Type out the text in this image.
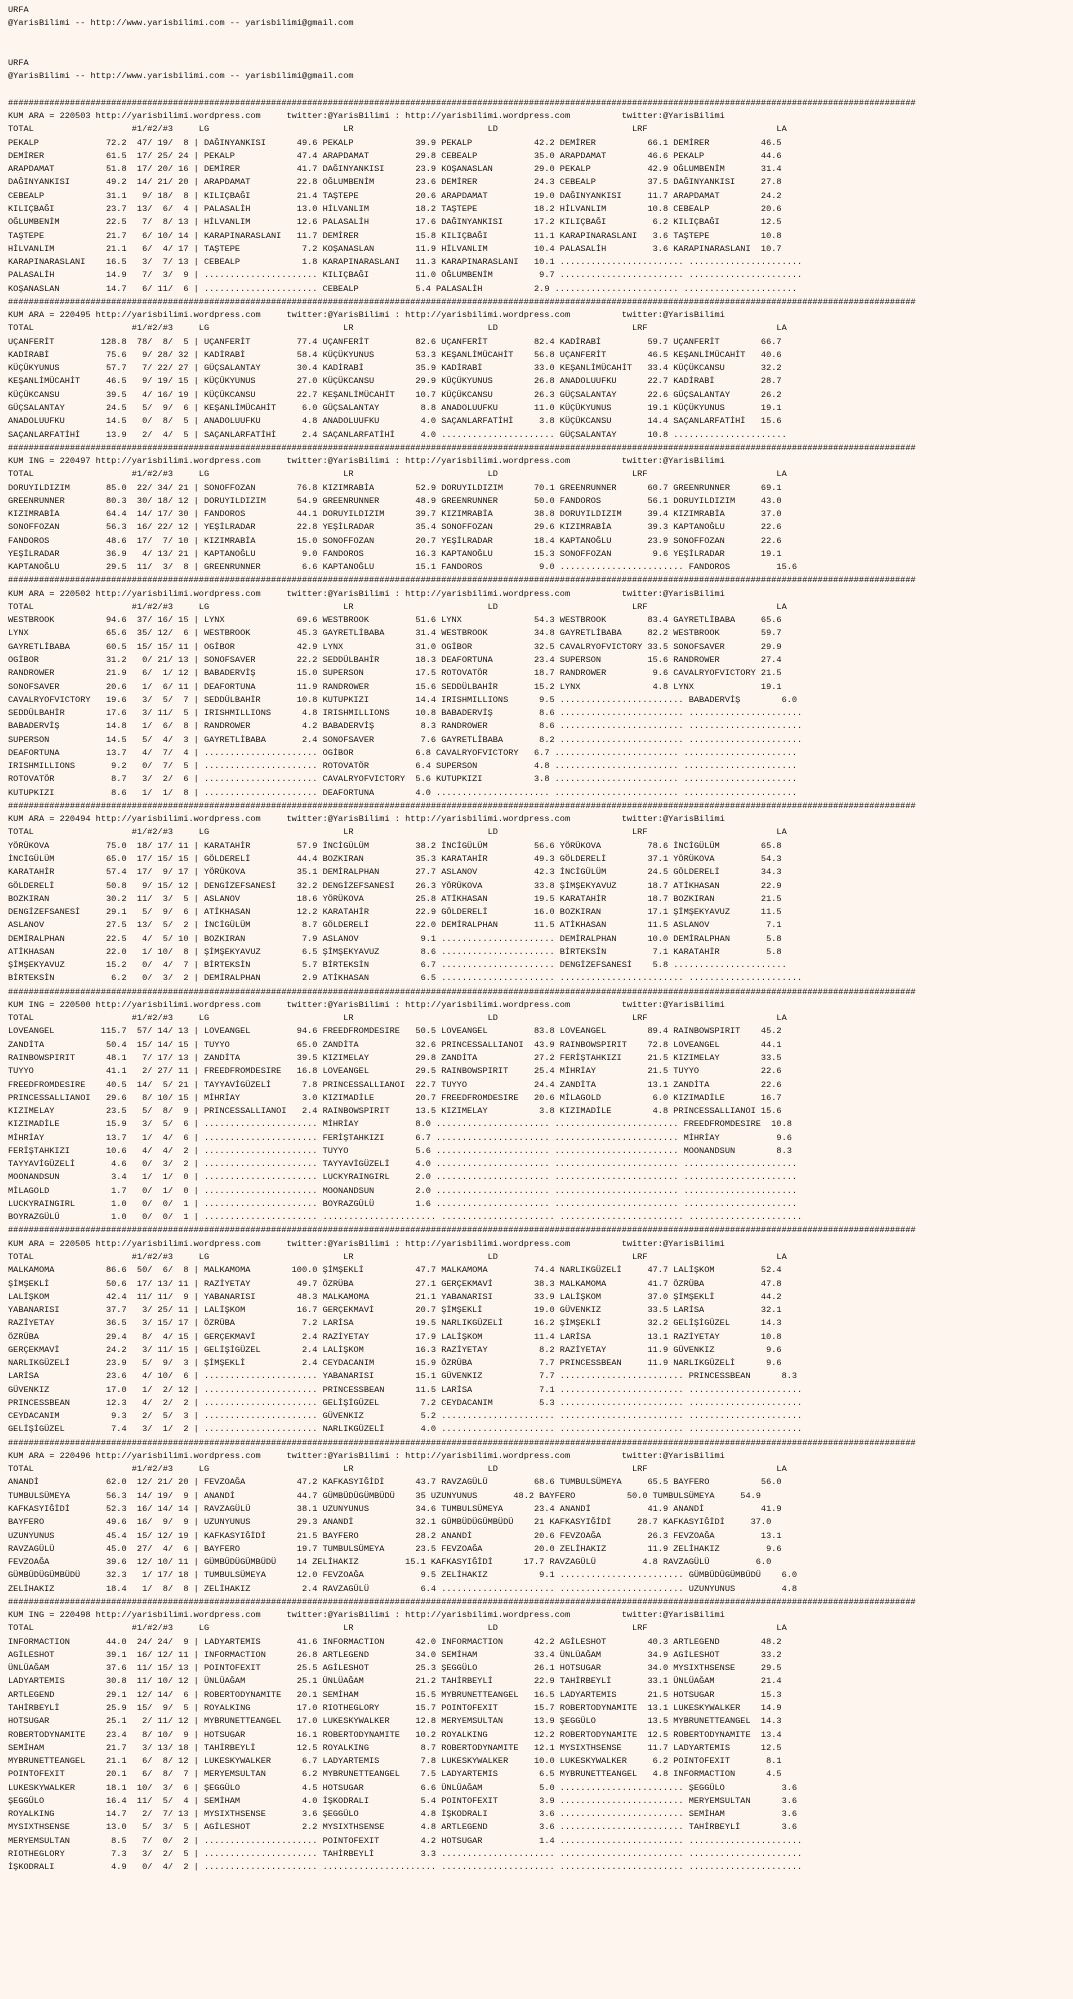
URFA
@YarisBilimi -- http://www.yarisbilimi.com -- yarisbilimi@gmail.com
URFA
@YarisBilimi -- http://www.yarisbilimi.com -- yarisbilimi@gmail.com
################################################################################################################################################################################
KUM ARA = 220503 http://yarisbilimi.wordpress.com     twitter:@YarisBilimi : http://yarisbilimi.wordpress.com          twitter:@YarisBilimi
TOTAL                   #1/#2/#3     LG                          LR                          LD                          LRF                         LA
PEKALP             72.2  47/ 19/  8 | DAĞINYANKISI      49.6 PEKALP            39.9 PEKALP            42.2 DEMİRER          66.1 DEMİRER          46.5
DEMİRER            61.5  17/ 25/ 24 | PEKALP            47.4 ARAPDAMAT         29.8 CEBEALP           35.0 ARAPDAMAT        46.6 PEKALP           44.6
ARAPDAMAT          51.8  17/ 20/ 16 | DEMİRER           41.7 DAĞINYANKISI      23.9 KOŞANASLAN        29.0 PEKALP           42.9 OĞLUMBENİM       31.4
DAĞINYANKISI       49.2  14/ 21/ 20 | ARAPDAMAT         22.8 OĞLUMBENİM        23.6 DEMİRER           24.3 CEBEALP          37.5 DAĞINYANKISI     27.8
CEBEALP            31.1   9/ 18/  8 | KILIÇBAĞI         21.4 TAŞTEPE           20.6 ARAPDAMAT         19.0 DAĞINYANKISI     11.7 ARAPDAMAT        24.2
KILIÇBAĞI          23.7  13/  6/  4 | PALASALİH         13.0 HİLVANLIM         18.2 TAŞTEPE           18.2 HİLVANLIM        10.8 CEBEALP          20.6
OĞLUMBENİM         22.5   7/  8/ 13 | HİLVANLIM         12.6 PALASALİH         17.6 DAĞINYANKISI      17.2 KILIÇBAĞI         6.2 KILIÇBAĞI        12.5
TAŞTEPE            21.7   6/ 10/ 14 | KARAPINARASLANI   11.7 DEMİRER           15.8 KILIÇBAĞI         11.1 KARAPINARASLANI   3.6 TAŞTEPE          10.8
HİLVANLIM          21.1   6/  4/ 17 | TAŞTEPE            7.2 KOŞANASLAN        11.9 HİLVANLIM         10.4 PALASALİH         3.6 KARAPINARASLANI  10.7
KARAPINARASLANI    16.5   3/  7/ 13 | CEBEALP            1.8 KARAPINARASLANI   11.3 KARAPINARASLANI   10.1 ........................ ......................
PALASALİH          14.9   7/  3/  9 | ...................... KILIÇBAĞI         11.0 OĞLUMBENİM         9.7 ........................ ......................
KOŞANASLAN         14.7   6/ 11/  6 | ...................... CEBEALP           5.4 PALASALİH          2.9 ........................ ......................
################################################################################################################################################################################
KUM ARA = 220495 http://yarisbilimi.wordpress.com     twitter:@YarisBilimi : http://yarisbilimi.wordpress.com          twitter:@YarisBilimi
TOTAL                   #1/#2/#3     LG                          LR                          LD                          LRF                         LA
UÇANFERİT         128.8  78/  8/  5 | UÇANFERİT         77.4 UÇANFERİT         82.6 UÇANFERİT         82.4 KADİRABİ         59.7 UÇANFERİT        66.7
KADİRABİ           75.6   9/ 28/ 32 | KADİRABİ          58.4 KÜÇÜKYUNUS        53.3 KEŞANLİMÜCAHİT    56.8 UÇANFERİT        46.5 KEŞANLİMÜCAHİT   40.6
KÜÇÜKYUNUS         57.7   7/ 22/ 27 | GÜÇSALANTAY       30.4 KADİRABİ          35.9 KADİRABİ          33.0 KEŞANLİMÜCAHİT   33.4 KÜÇÜKCANSU       32.2
KEŞANLİMÜCAHİT     46.5   9/ 19/ 15 | KÜÇÜKYUNUS        27.0 KÜÇÜKCANSU        29.9 KÜÇÜKYUNUS        26.8 ANADOLUUFKU      22.7 KADİRABİ         28.7
KÜÇÜKCANSU         39.5   4/ 16/ 19 | KÜÇÜKCANSU        22.7 KEŞANLİMÜCAHİT    10.7 KÜÇÜKCANSU        26.3 GÜÇSALANTAY      22.6 GÜÇSALANTAY      26.2
GÜÇSALANTAY        24.5   5/  9/  6 | KEŞANLİMÜCAHİT     6.0 GÜÇSALANTAY        8.8 ANADOLUUFKU       11.0 KÜÇÜKYUNUS       19.1 KÜÇÜKYUNUS       19.1
ANADOLUUFKU        14.5   0/  8/  5 | ANADOLUUFKU        4.8 ANADOLUUFKU        4.0 SAÇANLARFATİHİ     3.8 KÜÇÜKCANSU       14.4 SAÇANLARFATİHİ   15.6
SAÇANLARFATİHİ     13.9   2/  4/  5 | SAÇANLARFATİHİ     2.4 SAÇANLARFATİHİ     4.0 ...................... GÜÇSALANTAY      10.8 ......................
################################################################################################################################################################################
KUM ING = 220497 http://yarisbilimi.wordpress.com     twitter:@YarisBilimi : http://yarisbilimi.wordpress.com          twitter:@YarisBilimi
TOTAL                   #1/#2/#3     LG                          LR                          LD                          LRF                         LA
DORUYILDIZIM       85.0  22/ 34/ 21 | SONOFFOZAN        76.8 KIZIMRABİA        52.9 DORUYILDIZIM      70.1 GREENRUNNER      60.7 GREENRUNNER      69.1
GREENRUNNER        80.3  30/ 18/ 12 | DORUYILDIZIM      54.9 GREENRUNNER       48.9 GREENRUNNER       50.0 FANDOROS         56.1 DORUYILDIZIM     43.0
KIZIMRABİA         64.4  14/ 17/ 30 | FANDOROS          44.1 DORUYILDIZIM      39.7 KIZIMRABİA        38.8 DORUYILDIZIM     39.4 KIZIMRABİA       37.0
SONOFFOZAN         56.3  16/ 22/ 12 | YEŞİLRADAR        22.8 YEŞİLRADAR        35.4 SONOFFOZAN        29.6 KIZIMRABİA       39.3 KAPTANOĞLU       22.6
FANDOROS           48.6  17/  7/ 10 | KIZIMRABİA        15.0 SONOFFOZAN        20.7 YEŞİLRADAR        18.4 KAPTANOĞLU       23.9 SONOFFOZAN       22.6
YEŞİLRADAR         36.9   4/ 13/ 21 | KAPTANOĞLU         9.0 FANDOROS          16.3 KAPTANOĞLU        15.3 SONOFFOZAN        9.6 YEŞİLRADAR       19.1
KAPTANOĞLU         29.5  11/  3/  8 | GREENRUNNER        6.6 KAPTANOĞLU        15.1 FANDOROS           9.0 ........................ FANDOROS         15.6
################################################################################################################################################################################
KUM ARA = 220502 http://yarisbilimi.wordpress.com     twitter:@YarisBilimi : http://yarisbilimi.wordpress.com          twitter:@YarisBilimi
TOTAL                   #1/#2/#3     LG                          LR                          LD                          LRF                         LA
WESTBROOK          94.6  37/ 16/ 15 | LYNX              69.6 WESTBROOK         51.6 LYNX              54.3 WESTBROOK        83.4 GAYRETLİBABA     65.6
LYNX               65.6  35/ 12/  6 | WESTBROOK         45.3 GAYRETLİBABA      31.4 WESTBROOK         34.8 GAYRETLİBABA     82.2 WESTBROOK        59.7
GAYRETLİBABA       60.5  15/ 15/ 11 | OGİBOR            42.9 LYNX              31.0 OGİBOR            32.5 CAVALRYOFVICTORY 33.5 SONOFSAVER       29.9
OGİBOR             31.2   0/ 21/ 13 | SONOFSAVER        22.2 SEDDÜLBAHİR       18.3 DEAFORTUNA        23.4 SUPERSON         15.6 RANDROWER        27.4
RANDROWER          21.9   6/  1/ 12 | BABADERVİŞ        15.0 SUPERSON          17.5 ROTOVATÖR         18.7 RANDROWER         9.6 CAVALRYOFVICTORY 21.5
SONOFSAVER         20.6   1/  6/ 11 | DEAFORTUNA        11.9 RANDROWER         15.6 SEDDÜLBAHİR       15.2 LYNX              4.8 LYNX             19.1
CAVALRYOFVICTORY   19.6   3/  5/  7 | SEDDÜLBAHİR       10.8 KUTUPKIZI         14.4 IRISHMILLIONS      9.5 ........................ BABADERVİŞ        6.0
SEDDÜLBAHİR        17.6   3/ 11/  5 | IRISHMILLIONS      4.8 IRISHMILLIONS     10.8 BABADERVİŞ         8.6 ........................ ......................
BABADERVİŞ         14.8   1/  6/  8 | RANDROWER          4.2 BABADERVİŞ         8.3 RANDROWER          8.6 ........................ ......................
SUPERSON           14.5   5/  4/  3 | GAYRETLİBABA       2.4 SONOFSAVER         7.6 GAYRETLİBABA       8.2 ........................ ......................
DEAFORTUNA         13.7   4/  7/  4 | ...................... OGİBOR            6.8 CAVALRYOFVICTORY   6.7 ........................ ......................
IRISHMILLIONS       9.2   0/  7/  5 | ...................... ROTOVATÖR         6.4 SUPERSON           4.8 ........................ ......................
ROTOVATÖR           8.7   3/  2/  6 | ...................... CAVALRYOFVICTORY  5.6 KUTUPKIZI          3.8 ........................ ......................
KUTUPKIZI           8.6   1/  1/  8 | ...................... DEAFORTUNA        4.0 ...................... ........................ ......................
################################################################################################################################################################################
KUM ARA = 220494 http://yarisbilimi.wordpress.com     twitter:@YarisBilimi : http://yarisbilimi.wordpress.com          twitter:@YarisBilimi
TOTAL                   #1/#2/#3     LG                          LR                          LD                          LRF                         LA
YÖRÜKOVA           75.0  18/ 17/ 11 | KARATAHİR         57.9 İNCİGÜLÜM         38.2 İNCİGÜLÜM         56.6 YÖRÜKOVA         78.6 İNCİGÜLÜM        65.8
İNCİGÜLÜM          65.0  17/ 15/ 15 | GÖLDERELİ         44.4 BOZKIRAN          35.3 KARATAHİR         49.3 GÖLDERELİ        37.1 YÖRÜKOVA         54.3
KARATAHİR          57.4  17/  9/ 17 | YÖRÜKOVA          35.1 DEMİRALPHAN       27.7 ASLANOV           42.3 İNCİGÜLÜM        24.5 GÖLDERELİ        34.3
GÖLDERELİ          50.8   9/ 15/ 12 | DENGİZEFSANESİ    32.2 DENGİZEFSANESİ    26.3 YÖRÜKOVA          33.8 ŞİMŞEKYAVUZ      18.7 ATİKHASAN        22.9
BOZKIRAN           30.2  11/  3/  5 | ASLANOV           18.6 YÖRÜKOVA          25.8 ATİKHASAN         19.5 KARATAHİR        18.7 BOZKIRAN         21.5
DENGİZEFSANESİ     29.1   5/  9/  6 | ATİKHASAN         12.2 KARATAHİR         22.9 GÖLDERELİ         16.0 BOZKIRAN         17.1 ŞİMŞEKYAVUZ      11.5
ASLANOV            27.5  13/  5/  2 | İNCİGÜLÜM          8.7 GÖLDERELİ         22.0 DEMİRALPHAN       11.5 ATİKHASAN        11.5 ASLANOV           7.1
DEMİRALPHAN        22.5   4/  5/ 10 | BOZKIRAN           7.9 ASLANOV            9.1 ...................... DEMİRALPHAN      10.0 DEMİRALPHAN       5.8
ATİKHASAN          22.0   1/ 10/  8 | ŞİMŞEKYAVUZ        6.5 ŞİMŞEKYAVUZ        8.6 ...................... BİRTEKSİN         7.1 KARATAHİR         5.8
ŞİMŞEKYAVUZ        15.2   0/  4/  7 | BİRTEKSİN          5.7 BİRTEKSİN          6.7 ...................... DENGİZEFSANESİ    5.8 ......................
BİRTEKSİN           6.2   0/  3/  2 | DEMİRALPHAN        2.9 ATİKHASAN          6.5 ...................... ........................ ......................
################################################################################################################################################################################
KUM ING = 220500 http://yarisbilimi.wordpress.com     twitter:@YarisBilimi : http://yarisbilimi.wordpress.com          twitter:@YarisBilimi
TOTAL                   #1/#2/#3     LG                          LR                          LD                          LRF                         LA
LOVEANGEL         115.7  57/ 14/ 13 | LOVEANGEL         94.6 FREEDFROMDESIRE   50.5 LOVEANGEL         83.8 LOVEANGEL        89.4 RAINBOWSPIRIT    45.2
ZANDİTA            50.4  15/ 14/ 15 | TUYYO             65.0 ZANDİTA           32.6 PRINCESSALLIANOI  43.9 RAINBOWSPIRIT    72.8 LOVEANGEL        44.1
RAINBOWSPIRIT      48.1   7/ 17/ 13 | ZANDİTA           39.5 KIZIMELAY         29.8 ZANDİTA           27.2 FERİŞTAHKIZI     21.5 KIZIMELAY        33.5
TUYYO              41.1   2/ 27/ 11 | FREEDFROMDESIRE   16.8 LOVEANGEL         29.5 RAINBOWSPIRIT     25.4 MİHRİAY          21.5 TUYYO            22.6
FREEDFROMDESIRE    40.5  14/  5/ 21 | TAYYAVİGÜZELİ      7.8 PRINCESSALLIANOI  22.7 TUYYO             24.4 ZANDİTA          13.1 ZANDİTA          22.6
PRINCESSALLIANOI   29.6   8/ 10/ 15 | MİHRİAY            3.0 KIZIMADİLE        20.7 FREEDFROMDESIRE   20.6 MİLAGOLD          6.0 KIZIMADİLE       16.7
KIZIMELAY          23.5   5/  8/  9 | PRINCESSALLIANOI   2.4 RAINBOWSPIRIT     13.5 KIZIMELAY          3.8 KIZIMADİLE        4.8 PRINCESSALLIANOI 15.6
KIZIMADİLE         15.9   3/  5/  6 | ...................... MİHRİAY           8.0 ...................... ........................ FREEDFROMDESIRE  10.8
MİHRİAY            13.7   1/  4/  6 | ...................... FERİŞTAHKIZI      6.7 ...................... ........................ MİHRİAY           9.6
FERİŞTAHKIZI       10.6   4/  4/  2 | ...................... TUYYO             5.6 ...................... ........................ MOONANDSUN        8.3
TAYYAVİGÜZELİ       4.6   0/  3/  2 | ...................... TAYYAVİGÜZELİ     4.0 ...................... ........................ ......................
MOONANDSUN          3.4   1/  1/  0 | ...................... LUCKYRAINGIRL     2.0 ...................... ........................ ......................
MİLAGOLD            1.7   0/  1/  0 | ...................... MOONANDSUN        2.0 ...................... ........................ ......................
LUCKYRAINGIRL       1.0   0/  0/  1 | ...................... BOYRAZGÜLÜ        1.6 ...................... ........................ ......................
BOYRAZGÜLÜ          1.0   0/  0/  1 | ...................... ...................... ...................... ........................ ......................
################################################################################################################################################################################
KUM ARA = 220505 http://yarisbilimi.wordpress.com     twitter:@YarisBilimi : http://yarisbilimi.wordpress.com          twitter:@YarisBilimi
TOTAL                   #1/#2/#3     LG                          LR                          LD                          LRF                         LA
MALKAMOMA          86.6  50/  6/  8 | MALKAMOMA        100.0 ŞİMŞEKLİ          47.7 MALKAMOMA         74.4 NARLIKGÜZELİ     47.7 LALİŞKOM         52.4
ŞİMŞEKLİ           50.6  17/ 13/ 11 | RAZİYETAY         49.7 ÖZRÜBA            27.1 GERÇEKMAVİ        38.3 MALKAMOMA        41.7 ÖZRÜBA           47.8
LALİŞKOM           42.4  11/ 11/  9 | YABANARISI        48.3 MALKAMOMA         21.1 YABANARISI        33.9 LALİŞKOM         37.0 ŞİMŞEKLİ         44.2
YABANARISI         37.7   3/ 25/ 11 | LALİŞKOM          16.7 GERÇEKMAVİ        20.7 ŞİMŞEKLİ          19.0 GÜVENKIZ         33.5 LARİSA           32.1
RAZİYETAY          36.5   3/ 15/ 17 | ÖZRÜBA             7.2 LARİSA            19.5 NARLIKGÜZELİ      16.2 ŞİMŞEKLİ         32.2 GELİŞİGÜZEL      14.3
ÖZRÜBA             29.4   8/  4/ 15 | GERÇEKMAVİ         2.4 RAZİYETAY         17.9 LALİŞKOM          11.4 LARİSA           13.1 RAZİYETAY        10.8
GERÇEKMAVİ         24.2   3/ 11/ 15 | GELİŞİGÜZEL        2.4 LALİŞKOM          16.3 RAZİYETAY          8.2 RAZİYETAY        11.9 GÜVENKIZ          9.6
NARLIKGÜZELİ       23.9   5/  9/  3 | ŞİMŞEKLİ           2.4 CEYDACANIM        15.9 ÖZRÜBA             7.7 PRINCESSBEAN     11.9 NARLIKGÜZELİ      9.6
LARİSA             23.6   4/ 10/  6 | ...................... YABANARISI        15.1 GÜVENKIZ           7.7 ........................ PRINCESSBEAN      8.3
GÜVENKIZ           17.0   1/  2/ 12 | ...................... PRINCESSBEAN      11.5 LARİSA             7.1 ........................ ......................
PRINCESSBEAN       12.3   4/  2/  2 | ...................... GELİŞİGÜZEL        7.2 CEYDACANIM         5.3 ........................ ......................
CEYDACANIM          9.3   2/  5/  3 | ...................... GÜVENKIZ           5.2 ...................... ........................ ......................
GELİŞİGÜZEL         7.4   3/  1/  2 | ...................... NARLIKGÜZELİ       4.0 ...................... ........................ ......................
################################################################################################################################################################################
KUM ARA = 220496 http://yarisbilimi.wordpress.com     twitter:@YarisBilimi : http://yarisbilimi.wordpress.com          twitter:@YarisBilimi
TOTAL                   #1/#2/#3     LG                          LR                          LD                          LRF                         LA
ANANDİ             62.0  12/ 21/ 20 | FEVZOAĞA          47.2 KAFKASYIĞİDİ      43.7 RAVZAGÜLÜ         68.6 TUMBULSÜMEYA     65.5 BAYFERO          56.0
TUMBULSÜMEYA       56.3  14/ 19/  9 | ANANDİ            44.7 GÜMBÜDÜGÜMBÜDÜ    35 UZUNYUNUS       48.2 BAYFERO          50.0 TUMBULSÜMEYA     54.9
KAFKASYIĞİDİ       52.3  16/ 14/ 14 | RAVZAGÜLÜ         38.1 UZUNYUNUS         34.6 TUMBULSÜMEYA      23.4 ANANDİ           41.9 ANANDİ           41.9
BAYFERO            49.6  16/  9/  9 | UZUNYUNUS         29.3 ANANDİ            32.1 GÜMBÜDÜGÜMBÜDÜ    21 KAFKASYIĞİDİ     28.7 KAFKASYIĞİDİ     37.0
UZUNYUNUS          45.4  15/ 12/ 19 | KAFKASYIĞİDİ      21.5 BAYFERO           28.2 ANANDİ            20.6 FEVZOAĞA         26.3 FEVZOAĞA         13.1
RAVZAGÜLÜ          45.0  27/  4/  6 | BAYFERO           19.7 TUMBULSÜMEYA      23.5 FEVZOAĞA          20.0 ZELİHAKIZ        11.9 ZELİHAKIZ         9.6
FEVZOAĞA           39.6  12/ 10/ 11 | GÜMBÜDÜGÜMBÜDÜ    14 ZELİHAKIZ         15.1 KAFKASYIĞİDİ      17.7 RAVZAGÜLÜ         4.8 RAVZAGÜLÜ         6.0
GÜMBÜDÜGÜMBÜDÜ     32.3   1/ 17/ 18 | TUMBULSÜMEYA      12.0 FEVZOAĞA           9.5 ZELİHAKIZ          9.1 ........................ GÜMBÜDÜGÜMBÜDÜ    6.0
ZELİHAKIZ          18.4   1/  8/  8 | ZELİHAKIZ          2.4 RAVZAGÜLÜ          6.4 ...................... ........................ UZUNYUNUS         4.8
################################################################################################################################################################################
KUM ING = 220498 http://yarisbilimi.wordpress.com     twitter:@YarisBilimi : http://yarisbilimi.wordpress.com          twitter:@YarisBilimi
TOTAL                   #1/#2/#3     LG                          LR                          LD                          LRF                         LA
INFORMACTION       44.0  24/ 24/  9 | LADYARTEMIS       41.6 INFORMACTION      42.0 INFORMACTION      42.2 AGİLESHOT        40.3 ARTLEGEND        48.2
AGİLESHOT          39.1  16/ 12/ 11 | INFORMACTION      26.8 ARTLEGEND         34.0 SEMİHAM           33.4 ÜNLÜAĞAM         34.9 AGİLESHOT        33.2
ÜNLÜAĞAM           37.6  11/ 15/ 13 | POINTOFEXIT       25.5 AGİLESHOT         25.3 ŞEGGÜLO           26.1 HOTSUGAR         34.0 MYSIXTHSENSE     29.5
LADYARTEMIS        30.8  11/ 10/ 12 | ÜNLÜAĞAM          25.1 ÜNLÜAĞAM          21.2 TAHİRBEYLİ        22.9 TAHİRBEYLİ       33.1 ÜNLÜAĞAM         21.4
ARTLEGEND          29.1  12/ 14/  6 | ROBERTODYNAMITE   20.1 SEMİHAM           15.5 MYBRUNETTEANGEL   16.5 LADYARTEMIS      21.5 HOTSUGAR         15.3
TAHİRBEYLİ         25.9  15/  9/  5 | ROYALKING         17.0 RIOTHEGLORY       15.7 POINTOFEXIT       15.7 ROBERTODYNAMITE  13.1 LUKESKYWALKER    14.9
HOTSUGAR           25.1   2/ 11/ 12 | MYBRUNETTEANGEL   17.0 LUKESKYWALKER     12.8 MERYEMSULTAN      13.9 ŞEGGÜLO          13.5 MYBRUNETTEANGEL  14.3
ROBERTODYNAMITE    23.4   8/ 10/  9 | HOTSUGAR          16.1 ROBERTODYNAMITE   10.2 ROYALKING         12.2 ROBERTODYNAMITE  12.5 ROBERTODYNAMITE  13.4
SEMİHAM            21.7   3/ 13/ 18 | TAHİRBEYLİ        12.5 ROYALKING          8.7 ROBERTODYNAMITE   12.1 MYSIXTHSENSE     11.7 LADYARTEMIS      12.5
MYBRUNETTEANGEL    21.1   6/  8/ 12 | LUKESKYWALKER      6.7 LADYARTEMIS        7.8 LUKESKYWALKER     10.0 LUKESKYWALKER     6.2 POINTOFEXIT       8.1
POINTOFEXIT        20.1   6/  8/  7 | MERYEMSULTAN       6.2 MYBRUNETTEANGEL    7.5 LADYARTEMIS        6.5 MYBRUNETTEANGEL   4.8 INFORMACTION      4.5
LUKESKYWALKER      18.1  10/  3/  6 | ŞEGGÜLO            4.5 HOTSUGAR           6.6 ÜNLÜAĞAM           5.0 ........................ ŞEGGÜLO           3.6
ŞEGGÜLO            16.4  11/  5/  4 | SEMİHAM            4.0 İŞKODRALI          5.4 POINTOFEXIT        3.9 ........................ MERYEMSULTAN      3.6
ROYALKING          14.7   2/  7/ 13 | MYSIXTHSENSE       3.6 ŞEGGÜLO            4.8 İŞKODRALI          3.6 ........................ SEMİHAM           3.6
MYSIXTHSENSE       13.0   5/  3/  5 | AGİLESHOT          2.2 MYSIXTHSENSE       4.8 ARTLEGEND          3.6 ........................ TAHİRBEYLİ        3.6
MERYEMSULTAN        8.5   7/  0/  2 | ...................... POINTOFEXIT        4.2 HOTSUGAR           1.4 ........................ ......................
RIOTHEGLORY         7.3   3/  2/  5 | ...................... TAHİRBEYLİ         3.3 ...................... ........................ ......................
İŞKODRALI           4.9   0/  4/  2 | ...................... ...................... ...................... ........................ ......................
